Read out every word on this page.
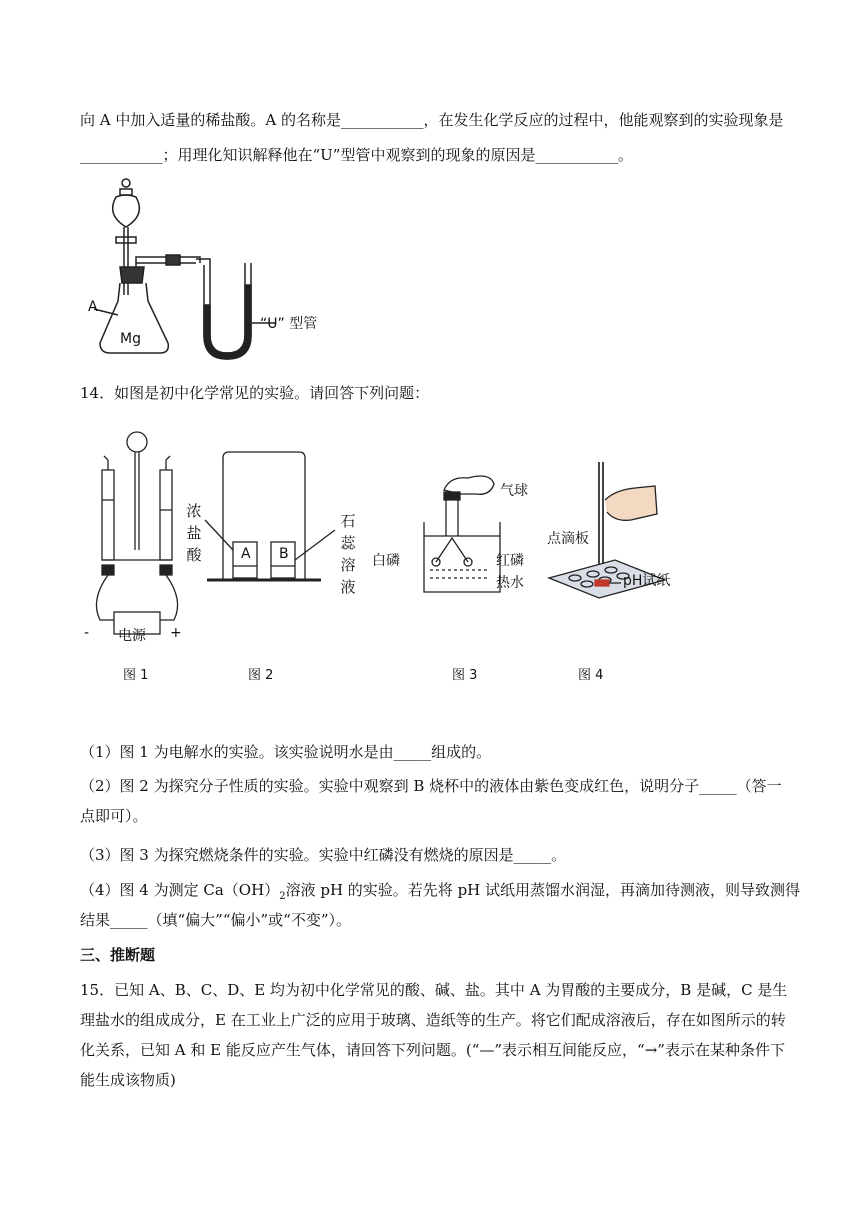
向 A 中加入适量的稀盐酸。A 的名称是___________，在发生化学反应的过程中，他能观察到的实验现象是
___________；用理化知识解释他在“U”型管中观察到的现象的原因是___________。
A
Mg
“U” 型管
14．如图是初中化学常见的实验。请回答下列问题：
电源
-	+
图 1
A B
浓盐酸
石蕊溶液
图 2
气球
白磷	红磷
热水
图 3
点滴板
pH试纸
图 4
（1）图 1 为电解水的实验。该实验说明水是由_____组成的。
（2）图 2 为探究分子性质的实验。实验中观察到 B 烧杯中的液体由紫色变成红色，说明分子_____（答一
点即可）。
（3）图 3 为探究燃烧条件的实验。实验中红磷没有燃烧的原因是_____。
（4）图 4 为测定 $Ca(OH)_2$溶液 pH 的实验。若先将 pH 试纸用蒸馏水润湿，再滴加待测液，则导致测得
结果_____（填“偏大”“偏小”或“不变”）。
三、推断题
15．已知 A、B、C、D、E 均为初中化学常见的酸、碱、盐。其中 A 为胃酸的主要成分，B 是碱，C 是生
理盐水的组成成分，E 在工业上广泛的应用于玻璃、造纸等的生产。将它们配成溶液后，存在如图所示的转
化关系，已知 A 和 E 能反应产生气体，请回答下列问题。(“—”表示相互间能反应，“→”表示在某种条件下
能生成该物质)
